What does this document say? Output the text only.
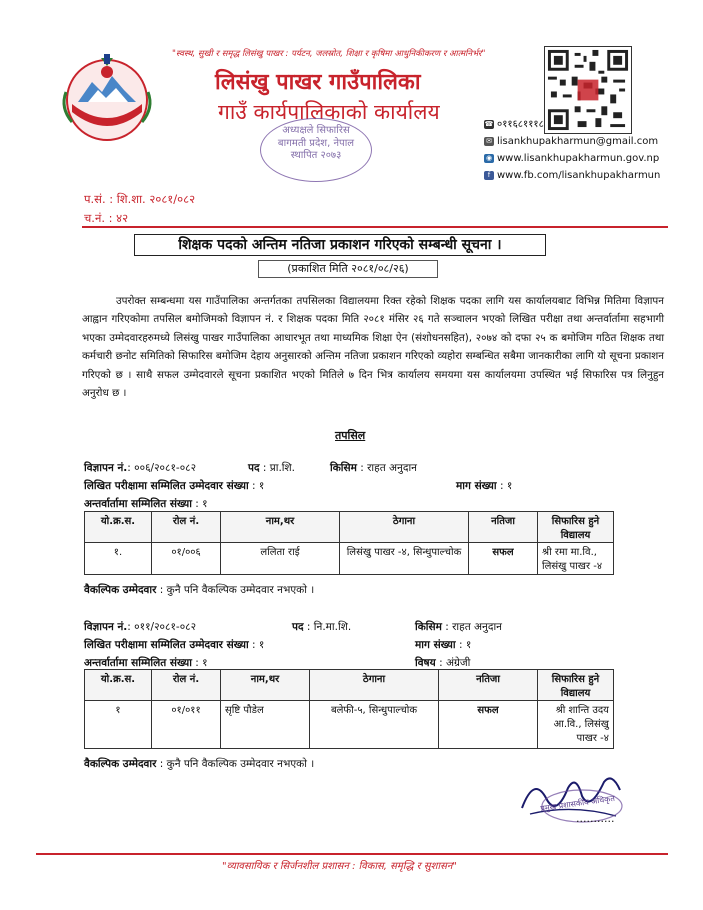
"स्वस्थ, सुखी र समृद्ध लिसंखु पाखर : पर्यटन, जलस्रोत, शिक्षा र कृषिमा आधुनिकीकरण र आत्मनिर्भर"
लिसंखु पाखर गाउँपालिका
गाउँ कार्यपालिकाको कार्यालय
अध्यक्षले सिफारिस
बागमती प्रदेश, नेपाल
स्थापित २०७३
☎ ०११६८१११८
✉ lisankhupakharmun@gmail.com
◉ www.lisankhupakharmun.gov.np
f www.fb.com/lisankhupakharmun
प.सं. : शि.शा. २०८१/०८२
च.नं. : ४२
शिक्षक पदको अन्तिम नतिजा प्रकाशन गरिएको सम्बन्धी सूचना ।
(प्रकाशित मिति २०८१/०८/२६)
उपरोक्त सम्बन्धमा यस गाउँपालिका अन्तर्गतका तपसिलका विद्यालयमा रिक्त रहेको शिक्षक पदका लागि यस कार्यालयबाट विभिन्न मितिमा विज्ञापन आह्वान गरिएकोमा तपसिल बमोजिमको विज्ञापन नं. र शिक्षक पदका मिति २०८१ मंसिर २६ गते सञ्चालन भएको लिखित परीक्षा तथा अन्तर्वार्तामा सहभागी भएका उम्मेदवारहरुमध्ये लिसंखु पाखर गाउँपालिका आधारभूत तथा माध्यमिक शिक्षा ऐन (संशोधनसहित), २०७४ को दफा २५ क बमोजिम गठित शिक्षक तथा कर्मचारी छनोट समितिको सिफारिस बमोजिम देहाय अनुसारको अन्तिम नतिजा प्रकाशन गरिएको व्यहोरा सम्बन्धित सबैमा जानकारीका लागि यो सूचना प्रकाशन गरिएको छ । साथै सफल उम्मेदवारले सूचना प्रकाशित भएको मितिले ७ दिन भित्र कार्यालय समयमा यस कार्यालयमा उपस्थित भई सिफारिस पत्र लिनुहुन अनुरोध छ ।
तपसिल
विज्ञापन नं.: ००६/२०८१-०८२	पद : प्रा.शि.	किसिम : राहत अनुदान
लिखित परीक्षामा सम्मिलित उम्मेदवार संख्या : १	माग संख्या : १
अन्तर्वार्तामा सम्मिलित संख्या : १
यो.क्र.स.	रोल नं.	नाम,थर	ठेगाना	नतिजा	सिफारिस हुने विद्यालय
१.	०१/००६	ललिता राई	लिसंखु पाखर -४, सिन्धुपाल्चोक	सफल	श्री रमा मा.वि., लिसंखु पाखर -४
वैकल्पिक उम्मेदवार : कुनै पनि वैकल्पिक उम्मेदवार नभएको ।
विज्ञापन नं.: ०११/२०८१-०८२	पद : नि.मा.शि.	किसिम : राहत अनुदान
लिखित परीक्षामा सम्मिलित उम्मेदवार संख्या : १	माग संख्या : १
अन्तर्वार्तामा सम्मिलित संख्या : १	विषय : अंग्रेजी
यो.क्र.स.	रोल नं.	नाम,थर	ठेगाना	नतिजा	सिफारिस हुने विद्यालय
१	०१/०११	सृष्टि पौडेल	बलेफी-५, सिन्धुपाल्चोक	सफल	श्री शान्ति उदय आ.वि., लिसंखु पाखर -४
वैकल्पिक उम्मेदवार : कुनै पनि वैकल्पिक उम्मेदवार नभएको ।
प्रमुख प्रशासकीय अधिकृत
...........
"व्यावसायिक र सिर्जनशील प्रशासन : विकास, समृद्धि र सुशासन"
